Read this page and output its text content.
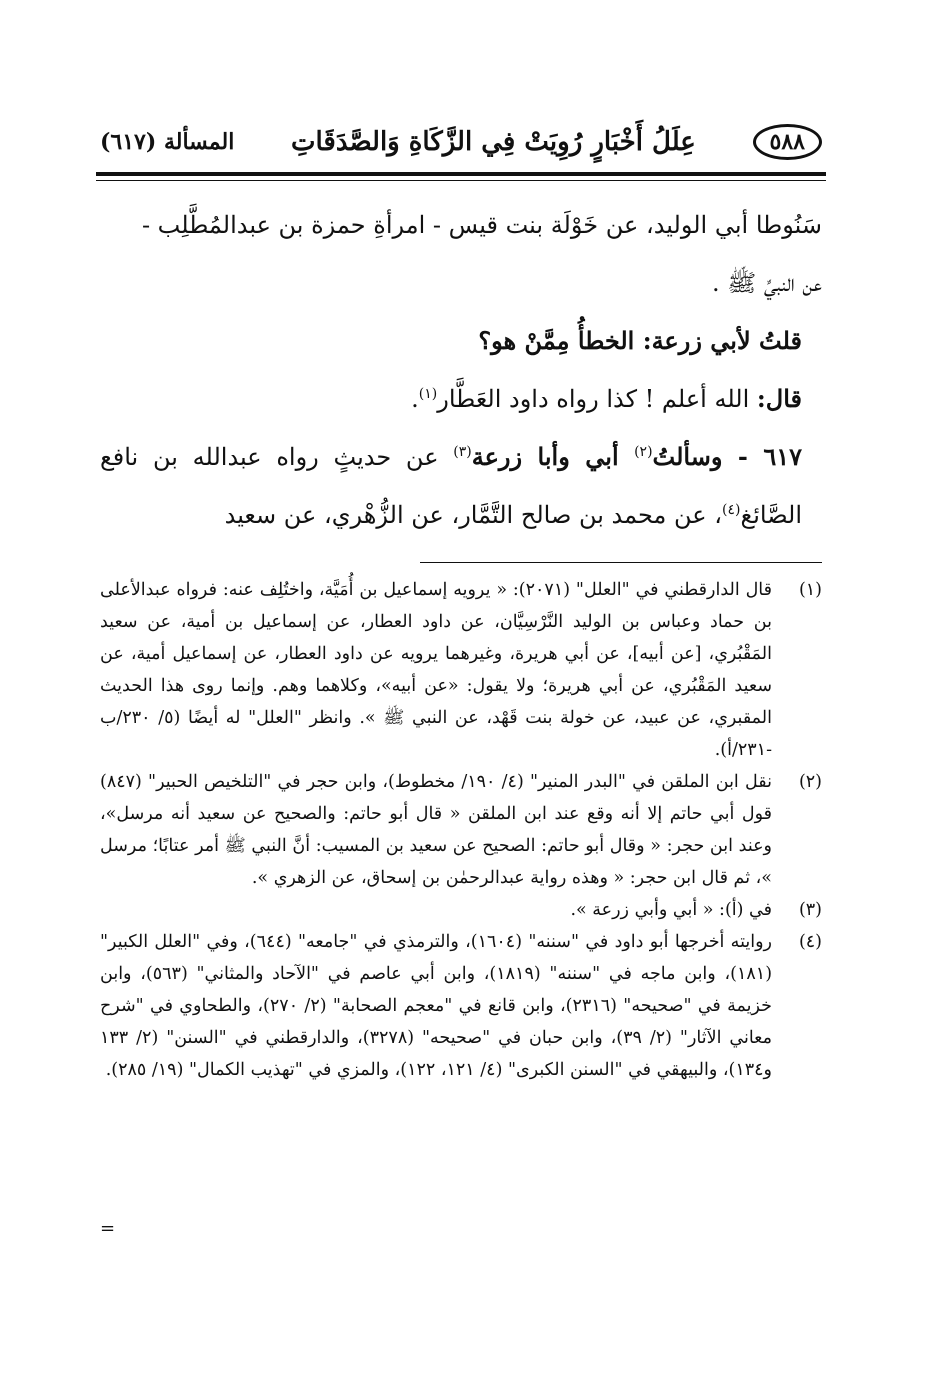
٥٨٨
عِلَلُ أَخْبَارٍ رُوِيَتْ فِي الزَّكَاةِ وَالصَّدَقَاتِ
المسألة (٦١٧)

سَنُوطا أبي الوليد، عن خَوْلَة بنت قيس - امرأةِ حمزة بن عبدالمُطَّلِب -

عن النبيِّ ﷺ .

قلتُ لأبي زرعة: الخطأُ مِمَّنْ هو؟

قال: الله أعلم ! كذا رواه داود العَطَّار$^{(١)}$.

٦١٧ - وسألتُ$^{(٢)}$ أبي وأبا زرعة$^{(٣)}$ عن حديثٍ رواه عبدالله بن نافع الصَّائغ$^{(٤)}$، عن محمد بن صالح التَّمَّار، عن الزُّهْري، عن سعيد

(١)
قال الدارقطني في "العلل" (٢٠٧١): « يرويه إسماعيل بن أُمَيَّة، واختُلِف عنه: فرواه عبدالأعلى بن حماد وعباس بن الوليد النَّرْسِيَّان، عن داود العطار، عن إسماعيل بن أمية، عن سعيد المَقْبُري، [عن أبيه]، عن أبي هريرة، وغيرهما يرويه عن داود العطار، عن إسماعيل أمية، عن سعيد المَقْبُري، عن أبي هريرة؛ ولا يقول: «عن أبيه»، وكلاهما وهم. وإنما روى هذا الحديث المقبري، عن عبيد، عن خولة بنت قَهْد، عن النبي ﷺ ». وانظر "العلل" له أيضًا (٥/ ٢٣٠/ب -٢٣١/أ).
(٢)
نقل ابن الملقن في "البدر المنير" (٤/ ١٩٠/ مخطوط)، وابن حجر في "التلخيص الحبير" (٨٤٧) قول أبي حاتم إلا أنه وقع عند ابن الملقن « قال أبو حاتم: والصحيح عن سعيد أنه مرسل»، وعند ابن حجر: « وقال أبو حاتم: الصحيح عن سعيد بن المسيب: أنَّ النبي ﷺ أمر عتابًا؛ مرسل »، ثم قال ابن حجر: « وهذه رواية عبدالرحمٰن بن إسحاق، عن الزهري ».
(٣)
في (أ): « أبي وأبي زرعة ».
(٤)
روايته أخرجها أبو داود في "سننه" (١٦٠٤)، والترمذي في "جامعه" (٦٤٤)، وفي "العلل الكبير" (١٨١)، وابن ماجه في "سننه" (١٨١٩)، وابن أبي عاصم في "الآحاد والمثاني" (٥٦٣)، وابن خزيمة في "صحيحه" (٢٣١٦)، وابن قانع في "معجم الصحابة" (٢/ ٢٧٠)، والطحاوي في "شرح معاني الآثار" (٢/ ٣٩)، وابن حبان في "صحيحه" (٣٢٧٨)، والدارقطني في "السنن" (٢/ ١٣٣ و١٣٤)، والبيهقي في "السنن الكبرى" (٤/ ١٢١، ١٢٢)، والمزي في "تهذيب الكمال" (١٩/ ٢٨٥).
=
